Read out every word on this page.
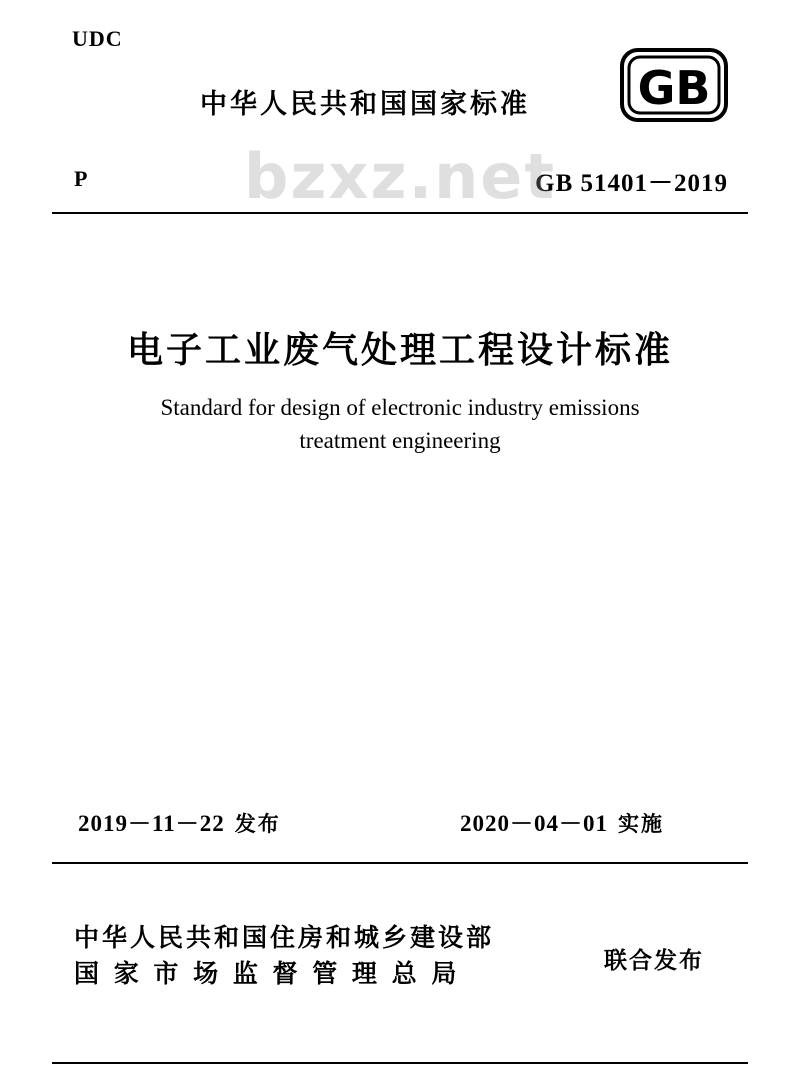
UDC
中华人民共和国国家标准 GB
P	GB 51401－2019
bzxz.net
电子工业废气处理工程设计标准
Standard for design of electronic industry emissions
treatment engineering
2019－11－22 发布	2020－04－01 实施
中华人民共和国住房和城乡建设部
国 家 市 场 监 督 管 理 总 局	联合发布
